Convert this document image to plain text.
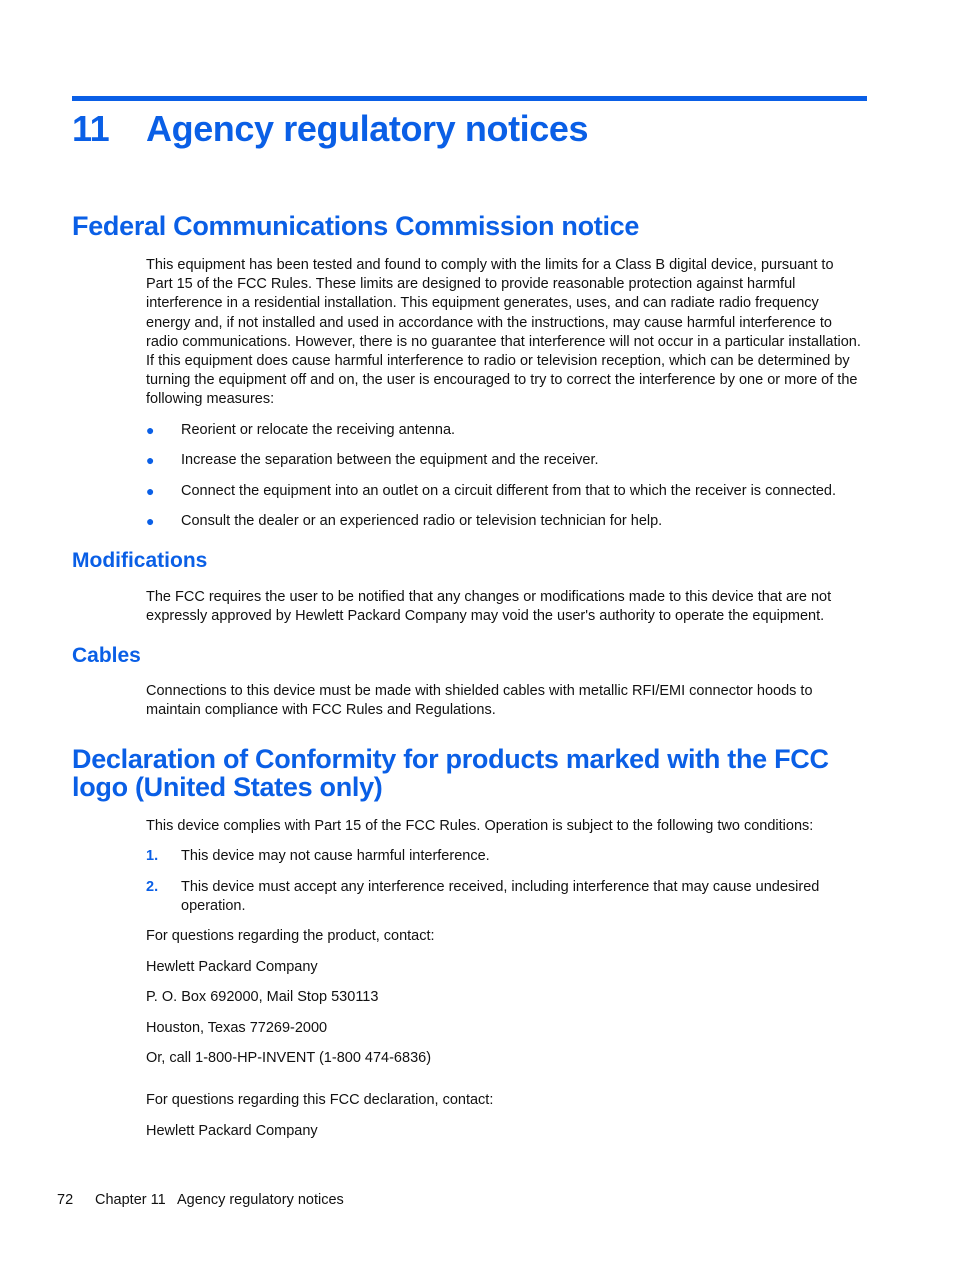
11 Agency regulatory notices
Federal Communications Commission notice

This equipment has been tested and found to comply with the limits for a Class B digital device, pursuant to Part 15 of the FCC Rules. These limits are designed to provide reasonable protection against harmful interference in a residential installation. This equipment generates, uses, and can radiate radio frequency energy and, if not installed and used in accordance with the instructions, may cause harmful interference to radio communications. However, there is no guarantee that interference will not occur in a particular installation. If this equipment does cause harmful interference to radio or television reception, which can be determined by turning the equipment off and on, the user is encouraged to try to correct the interference by one or more of the following measures:

● Reorient or relocate the receiving antenna.
● Increase the separation between the equipment and the receiver.
● Connect the equipment into an outlet on a circuit different from that to which the receiver is connected.
● Consult the dealer or an experienced radio or television technician for help.
Modifications

The FCC requires the user to be notified that any changes or modifications made to this device that are not expressly approved by Hewlett Packard Company may void the user's authority to operate the equipment.

Cables

Connections to this device must be made with shielded cables with metallic RFI/EMI connector hoods to maintain compliance with FCC Rules and Regulations.

Declaration of Conformity for products marked with the FCC
logo (United States only)

This device complies with Part 15 of the FCC Rules. Operation is subject to the following two conditions:

1. This device may not cause harmful interference.
2. This device must accept any interference received, including interference that may cause undesired operation.

For questions regarding the product, contact:

Hewlett Packard Company

P. O. Box 692000, Mail Stop 530113

Houston, Texas 77269-2000

Or, call 1-800-HP-INVENT (1-800 474-6836)

For questions regarding this FCC declaration, contact:

Hewlett Packard Company

72 Chapter 11   Agency regulatory notices
